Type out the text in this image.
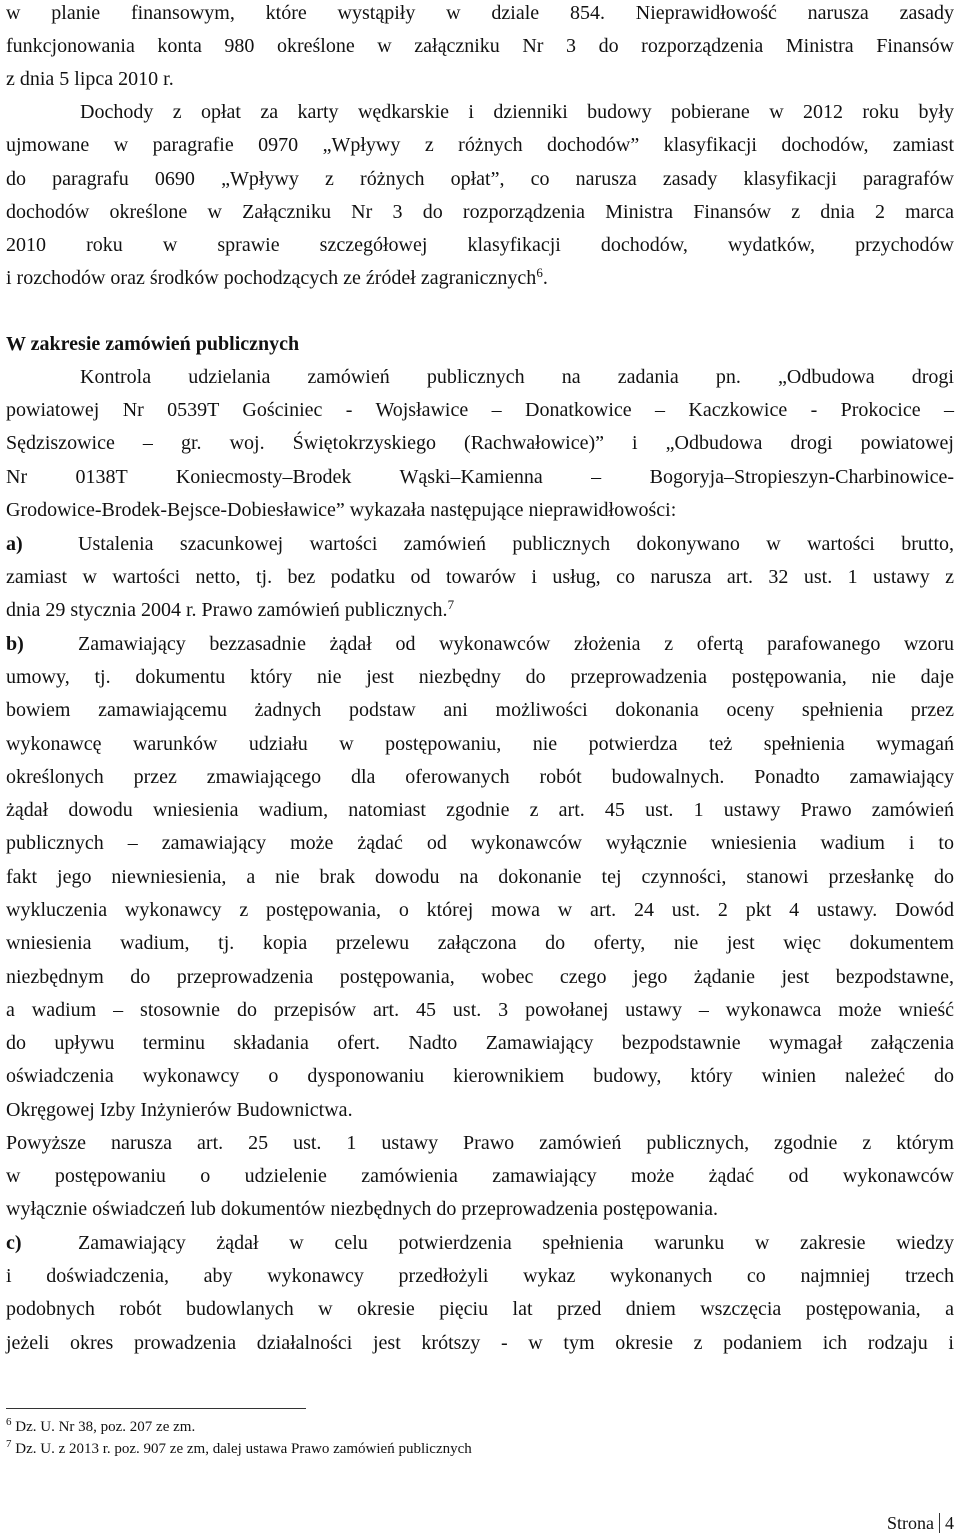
w planie finansowym, które wystąpiły w dziale 854. Nieprawidłowość narusza zasady
funkcjonowania konta 980 określone w załączniku Nr 3 do rozporządzenia Ministra Finansów
z dnia 5 lipca 2010 r.
Dochody z opłat za karty wędkarskie i dzienniki budowy pobierane w 2012 roku były
ujmowane w paragrafie 0970 „Wpływy z różnych dochodów” klasyfikacji dochodów, zamiast
do paragrafu 0690 „Wpływy z różnych opłat”, co narusza zasady klasyfikacji paragrafów
dochodów określone w Załączniku Nr 3 do rozporządzenia Ministra Finansów z dnia 2 marca
2010 roku w sprawie szczegółowej klasyfikacji dochodów, wydatków, przychodów
i rozchodów oraz środków pochodzących ze źródeł zagranicznych$^6$.
W zakresie zamówień publicznych
Kontrola udzielania zamówień publicznych na zadania pn. „Odbudowa drogi
powiatowej Nr 0539T Gościniec - Wojsławice – Donatkowice – Kaczkowice - Prokocice –
Sędziszowice – gr. woj. Świętokrzyskiego (Rachwałowice)” i „Odbudowa drogi powiatowej
Nr 0138T Koniecmosty–Brodek Wąski–Kamienna – Bogoryja–Stropieszyn-Charbinowice-
Grodowice-Brodek-Bejsce-Dobiesławice” wykazała następujące nieprawidłowości:
a)	Ustalenia szacunkowej wartości zamówień publicznych dokonywano w wartości brutto,
zamiast w wartości netto, tj. bez podatku od towarów i usług, co narusza art. 32 ust. 1 ustawy z
dnia 29 stycznia 2004 r. Prawo zamówień publicznych.$^7$
b)	Zamawiający bezzasadnie żądał od wykonawców złożenia z ofertą parafowanego wzoru
umowy, tj. dokumentu który nie jest niezbędny do przeprowadzenia postępowania, nie daje
bowiem zamawiającemu żadnych podstaw ani możliwości dokonania oceny spełnienia przez
wykonawcę warunków udziału w postępowaniu, nie potwierdza też spełnienia wymagań
określonych przez zmawiającego dla oferowanych robót budowalnych. Ponadto zamawiający
żądał dowodu wniesienia wadium, natomiast zgodnie z art. 45 ust. 1 ustawy Prawo zamówień
publicznych – zamawiający może żądać od wykonawców wyłącznie wniesienia wadium i to
fakt jego niewniesienia, a nie brak dowodu na dokonanie tej czynności, stanowi przesłankę do
wykluczenia wykonawcy z postępowania, o której mowa w art. 24 ust. 2 pkt 4 ustawy. Dowód
wniesienia wadium, tj. kopia przelewu załączona do oferty, nie jest więc dokumentem
niezbędnym do przeprowadzenia postępowania, wobec czego jego żądanie jest bezpodstawne,
a wadium – stosownie do przepisów art. 45 ust. 3 powołanej ustawy – wykonawca może wnieść
do upływu terminu składania ofert. Nadto Zamawiający bezpodstawnie wymagał załączenia
oświadczenia wykonawcy o dysponowaniu kierownikiem budowy, który winien należeć do
Okręgowej Izby Inżynierów Budownictwa.
Powyższe narusza art. 25 ust. 1 ustawy Prawo zamówień publicznych, zgodnie z którym
w postępowaniu o udzielenie zamówienia zamawiający może żądać od wykonawców
wyłącznie oświadczeń lub dokumentów niezbędnych do przeprowadzenia postępowania.
c)	Zamawiający żądał w celu potwierdzenia spełnienia warunku w zakresie wiedzy
i doświadczenia, aby wykonawcy przedłożyli wykaz wykonanych co najmniej trzech
podobnych robót budowlanych w okresie pięciu lat przed dniem wszczęcia postępowania, a
jeżeli okres prowadzenia działalności jest krótszy - w tym okresie z podaniem ich rodzaju i
$^6$ Dz. U. Nr 38, poz. 207 ze zm.
$^7$ Dz. U. z 2013 r. poz. 907 ze zm, dalej ustawa Prawo zamówień publicznych
Strona 4
